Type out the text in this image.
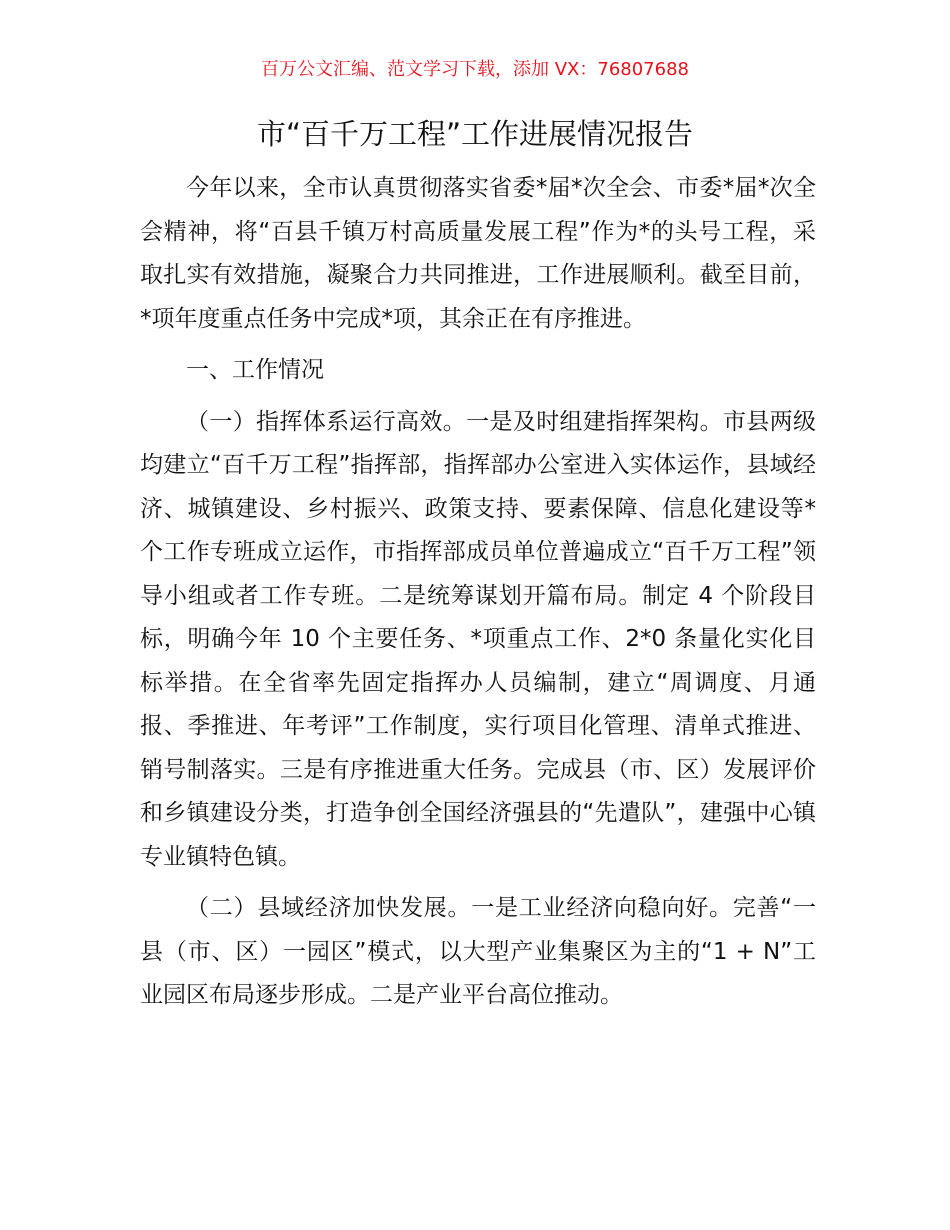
百万公文汇编、范文学习下载，添加 VX：76807688
市“百千万工程”工作进展情况报告

今年以来，全市认真贯彻落实省委*届*次全会、市委*届*次全会精神，将“百县千镇万村高质量发展工程”作为*的头号工程，采取扎实有效措施，凝聚合力共同推进，工作进展顺利。截至目前，*项年度重点任务中完成*项，其余正在有序推进。

一、工作情况

（一）指挥体系运行高效。一是及时组建指挥架构。市县两级均建立“百千万工程”指挥部，指挥部办公室进入实体运作，县域经济、城镇建设、乡村振兴、政策支持、要素保障、信息化建设等*个工作专班成立运作，市指挥部成员单位普遍成立“百千万工程”领导小组或者工作专班。二是统筹谋划开篇布局。制定 4 个阶段目标，明确今年 10 个主要任务、*项重点工作、2*0 条量化实化目标举措。在全省率先固定指挥办人员编制，建立“周调度、月通报、季推进、年考评”工作制度，实行项目化管理、清单式推进、销号制落实。三是有序推进重大任务。完成县（市、区）发展评价和乡镇建设分类，打造争创全国经济强县的“先遣队”，建强中心镇专业镇特色镇。

（二）县域经济加快发展。一是工业经济向稳向好。完善“一县（市、区）一园区”模式，以大型产业集聚区为主的“1 + N”工业园区布局逐步形成。二是产业平台高位推动。
